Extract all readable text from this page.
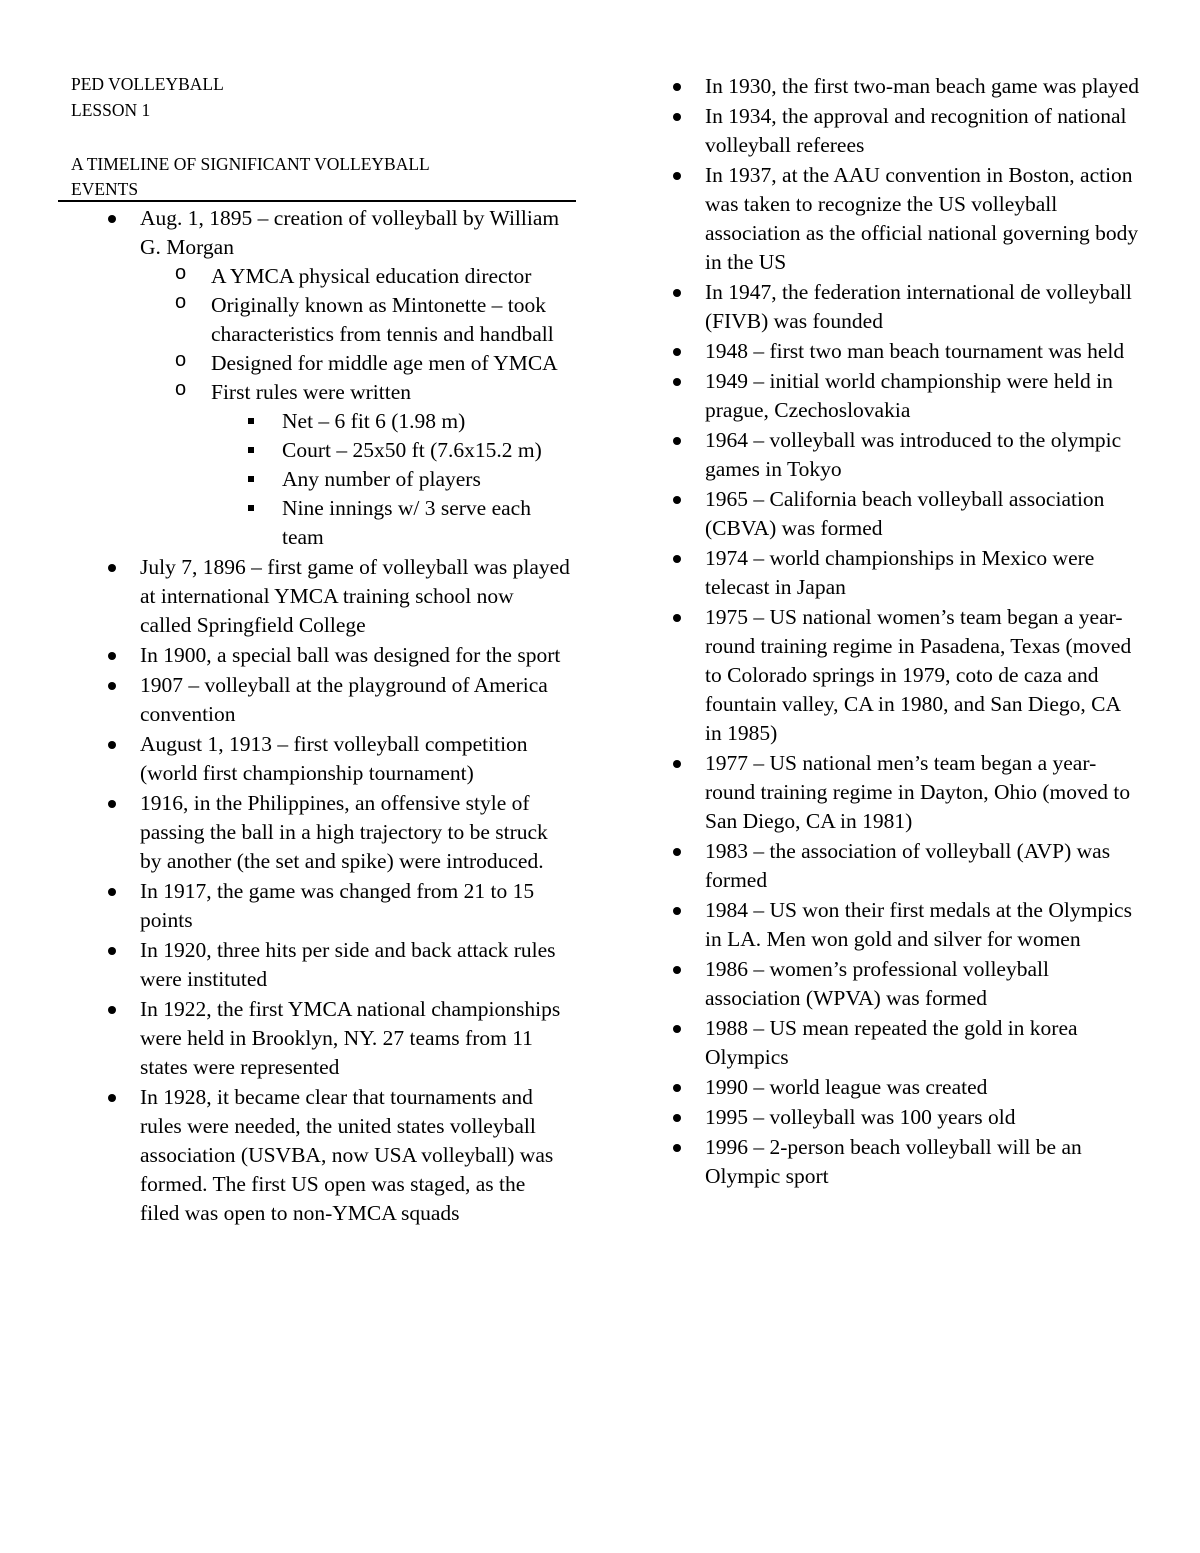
PED VOLLEYBALL
LESSON 1
A TIMELINE OF SIGNIFICANT VOLLEYBALL
EVENTS
Aug. 1, 1895 – creation of volleyball by William G. Morgan
o A YMCA physical education director
o Originally known as Mintonette – took characteristics from tennis and handball
o Designed for middle age men of YMCA
o First rules were written
Net – 6 fit 6 (1.98 m)
Court – 25x50 ft (7.6x15.2 m)
Any number of players
Nine innings w/ 3 serve each team
July 7, 1896 – first game of volleyball was played at international YMCA training school now called Springfield College
In 1900, a special ball was designed for the sport
1907 – volleyball at the playground of America convention
August 1, 1913 – first volleyball competition (world first championship tournament)
1916, in the Philippines, an offensive style of passing the ball in a high trajectory to be struck by another (the set and spike) were introduced.
In 1917, the game was changed from 21 to 15 points
In 1920, three hits per side and back attack rules were instituted
In 1922, the first YMCA national championships were held in Brooklyn, NY. 27 teams from 11 states were represented
In 1928, it became clear that tournaments and rules were needed, the united states volleyball association (USVBA, now USA volleyball) was formed. The first US open was staged, as the filed was open to non-YMCA squads
In 1930, the first two-man beach game was played
In 1934, the approval and recognition of national volleyball referees
In 1937, at the AAU convention in Boston, action was taken to recognize the US volleyball association as the official national governing body in the US
In 1947, the federation international de volleyball (FIVB) was founded
1948 – first two man beach tournament was held
1949 – initial world championship were held in prague, Czechoslovakia
1964 – volleyball was introduced to the olympic games in Tokyo
1965 – California beach volleyball association (CBVA) was formed
1974 – world championships in Mexico were telecast in Japan
1975 – US national women’s team began a year-round training regime in Pasadena, Texas (moved to Colorado springs in 1979, coto de caza and fountain valley, CA in 1980, and San Diego, CA in 1985)
1977 – US national men’s team began a year-round training regime in Dayton, Ohio (moved to San Diego, CA in 1981)
1983 – the association of volleyball (AVP) was formed
1984 – US won their first medals at the Olympics in LA. Men won gold and silver for women
1986 – women’s professional volleyball association (WPVA) was formed
1988 – US mean repeated the gold in korea Olympics
1990 – world league was created
1995 – volleyball was 100 years old
1996 – 2-person beach volleyball will be an Olympic sport
